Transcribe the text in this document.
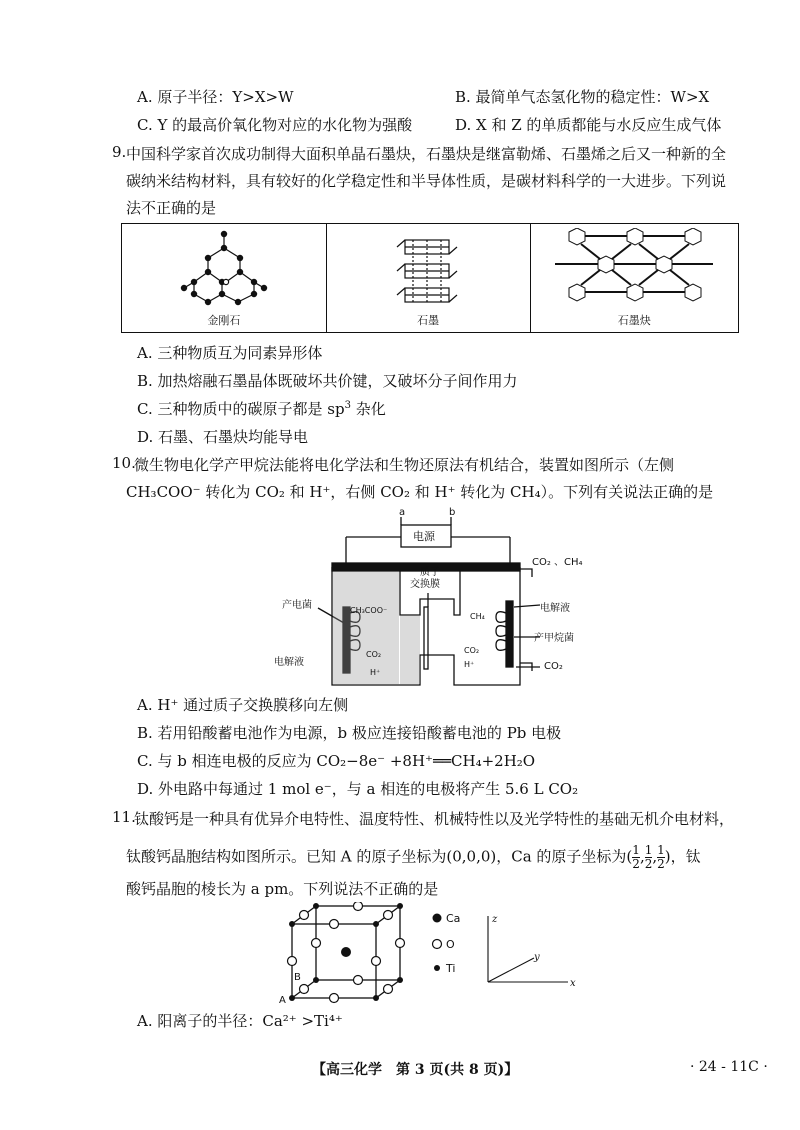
A. 原子半径：Y>X>W	B. 最简单气态氢化物的稳定性：W>X
C. Y 的最高价氧化物对应的水化物为强酸	D. X 和 Z 的单质都能与水反应生成气体
9. 中国科学家首次成功制得大面积单晶石墨炔，石墨炔是继富勒烯、石墨烯之后又一种新的全
碳纳米结构材料，具有较好的化学稳定性和半导体性质，是碳材料科学的一大进步。下列说
法不正确的是
金刚石	石墨	石墨炔
A. 三种物质互为同素异形体
B. 加热熔融石墨晶体既破坏共价键，又破坏分子间作用力
C. 三种物质中的碳原子都是 $sp^3$ 杂化
D. 石墨、石墨炔均能导电
10.
微生物电化学产甲烷法能将电化学法和生物还原法有机结合，装置如图所示（左侧
CH₃COO⁻ 转化为 CO₂ 和 H⁺，右侧 CO₂ 和 H⁺ 转化为 CH₄）。下列有关说法正确的是
a	b
电源
质子
交换膜
CO₂ 、CH₄
产电菌	CH₃COO⁻
CO₂
H⁺
电解液
电解液
CH₄
CO₂
H⁺
产甲烷菌
CO₂
A. H⁺ 通过质子交换膜移向左侧
B. 若用铅酸蓄电池作为电源，b 极应连接铅酸蓄电池的 Pb 电极
C. 与 b 相连电极的反应为 CO₂−8e⁻ +8H⁺══CH₄+2H₂O
D. 外电路中每通过 1 mol e⁻，与 a 相连的电极将产生 5.6 L CO₂
11.
钛酸钙是一种具有优异介电特性、温度特性、机械特性以及光学特性的基础无机介电材料，
钛酸钙晶胞结构如图所示。已知 A 的原子坐标为(0,0,0)，Ca 的原子坐标为( $\frac{1}{2}$ , $\frac{1}{2}$ , $\frac{1}{2}$ )，钛
酸钙晶胞的棱长为 a pm。下列说法不正确的是
A
B
Ca
O
Ti
z
y
x
A. 阳离子的半径：Ca²⁺ >Ti⁴⁺
【高三化学　第 3 页(共 8 页)】	· 24 - 11C ·
